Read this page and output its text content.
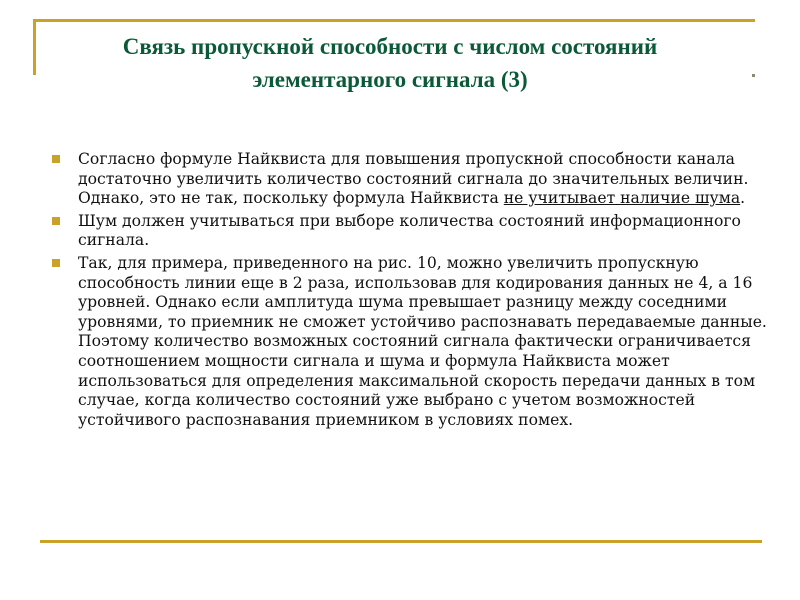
Связь пропускной способности с числом состояний
элементарного сигнала (3)
Согласно формуле Найквиста для повышения пропускной способности канала достаточно увеличить количество состояний сигнала до значительных величин. Однако, это не так, поскольку формула Найквиста не учитывает наличие шума.
Шум должен учитываться при выборе количества состояний информационного сигнала.
Так, для примера, приведенного на рис. 10, можно увеличить пропускную способность линии еще в 2 раза, использовав для кодирования данных не 4, а 16 уровней. Однако если амплитуда шума превышает разницу между соседними уровнями, то приемник не сможет устойчиво распознавать передаваемые данные. Поэтому количество возможных состояний сигнала фактически ограничивается соотношением мощности сигнала и шума и формула Найквиста может использоваться для определения максимальной скорость передачи данных в том случае, когда количество состояний уже выбрано с учетом возможностей устойчивого распознавания приемником в условиях помех.
